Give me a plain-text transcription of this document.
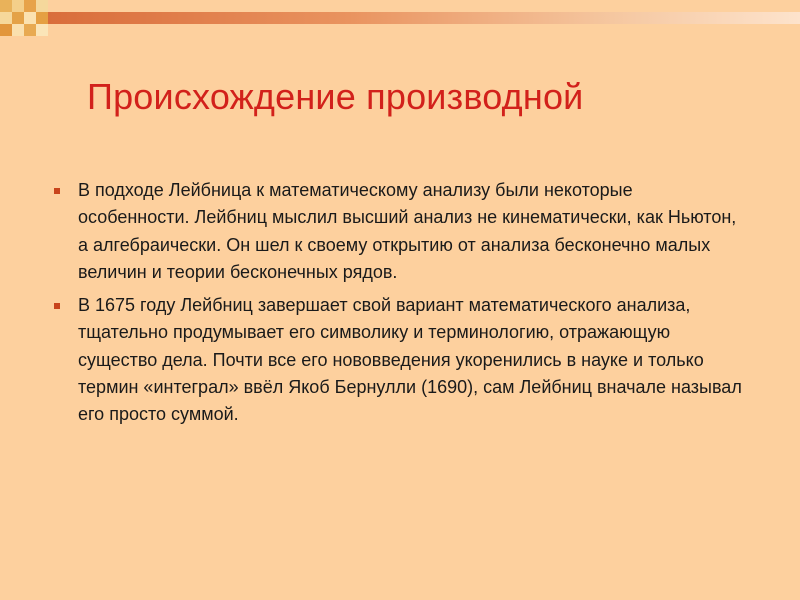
Происхождение производной
В подходе Лейбница к математическому анализу были некоторые особенности. Лейбниц мыслил высший анализ не кинематически, как Ньютон, а алгебраически. Он шел к своему открытию от анализа бесконечно малых величин и теории бесконечных рядов.
В 1675 году Лейбниц завершает свой вариант математического анализа, тщательно продумывает его символику и терминологию, отражающую существо дела. Почти все его нововведения укоренились в науке и только термин «интеграл» ввёл Якоб Бернулли (1690), сам Лейбниц вначале называл его просто суммой.
